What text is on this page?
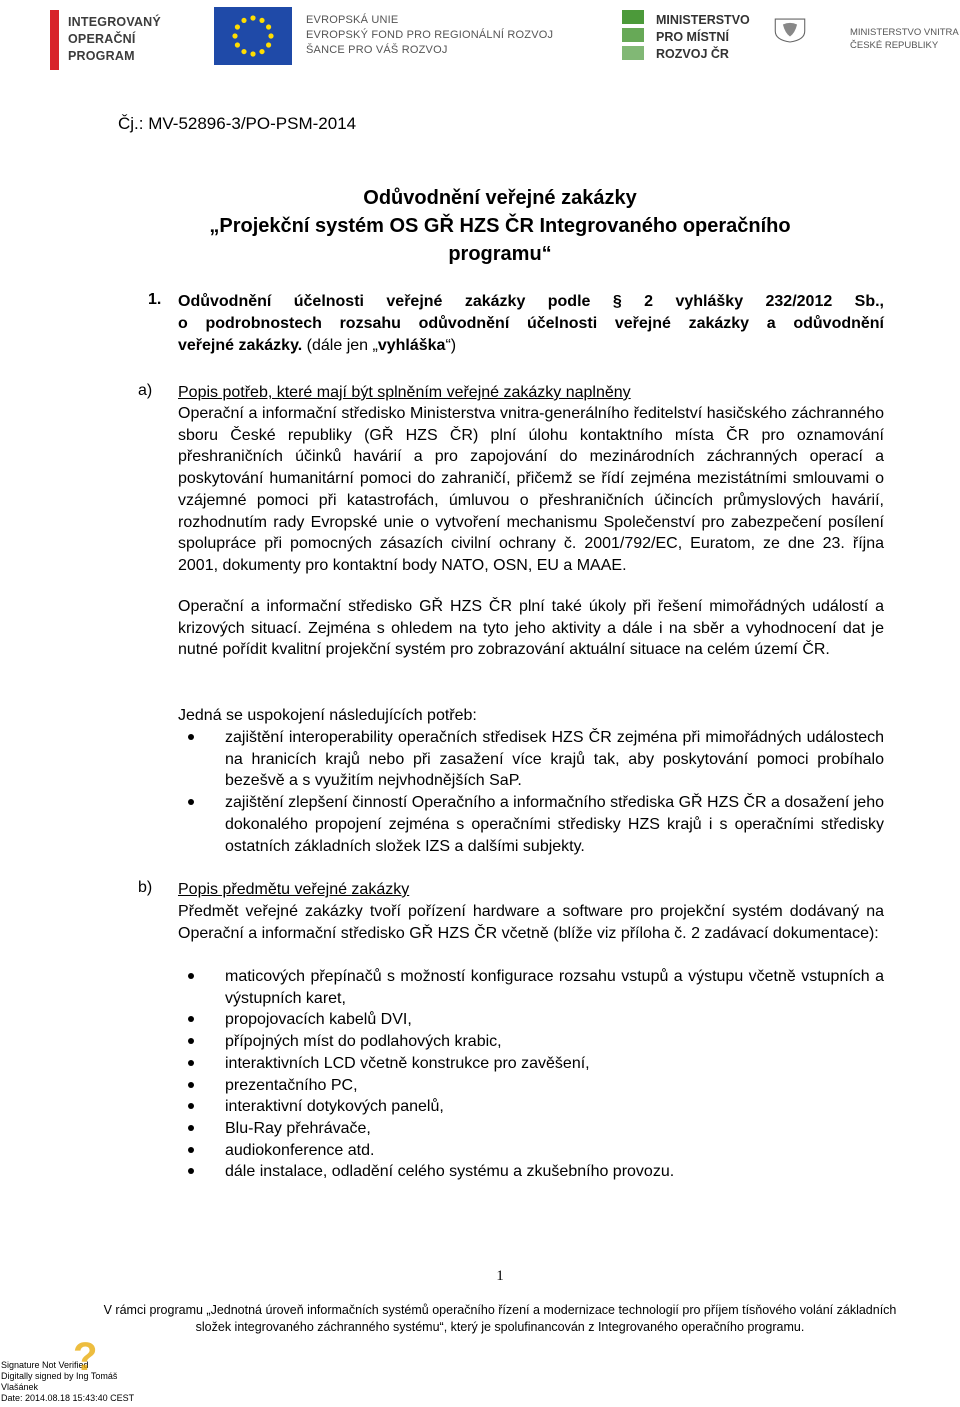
INTEGROVANÝ
OPERAČNÍ
PROGRAM
EVROPSKÁ UNIE
EVROPSKÝ FOND PRO REGIONÁLNÍ ROZVOJ
ŠANCE PRO VÁŠ ROZVOJ
MINISTERSTVO
PRO MÍSTNÍ
ROZVOJ ČR
MINISTERSTVO VNITRA
ČESKÉ REPUBLIKY
Čj.: MV-52896-3/PO-PSM-2014
Odůvodnění veřejné zakázky
„Projekční systém OS GŘ HZS ČR Integrovaného operačního
programu“
1. Odůvodnění účelnosti veřejné zakázky podle § 2 vyhlášky 232/2012 Sb.,
o podrobnostech rozsahu odůvodnění účelnosti veřejné zakázky a odůvodnění
veřejné zakázky. (dále jen „vyhláška“)
a) Popis potřeb, které mají být splněním veřejné zakázky naplněny
Operační a informační středisko Ministerstva vnitra-generálního ředitelství hasičského záchranného sboru České republiky (GŘ HZS ČR) plní úlohu kontaktního místa ČR pro oznamování přeshraničních účinků havárií a pro zapojování do mezinárodních záchranných operací a poskytování humanitární pomoci do zahraničí, přičemž se řídí zejména mezistátními smlouvami o vzájemné pomoci při katastrofách, úmluvou o přeshraničních účincích průmyslových havárií, rozhodnutím rady Evropské unie o vytvoření mechanismu Společenství pro zabezpečení posílení spolupráce při pomocných zásazích civilní ochrany č. 2001/792/EC, Euratom, ze dne 23. října 2001, dokumenty pro kontaktní body NATO, OSN, EU a MAAE.
Operační a informační středisko GŘ HZS ČR plní také úkoly při řešení mimořádných událostí a krizových situací. Zejména s ohledem na tyto jeho aktivity a dále i na sběr a vyhodnocení dat je nutné pořídit kvalitní projekční systém pro zobrazování aktuální situace na celém území ČR.
Jedná se uspokojení následujících potřeb:
zajištění interoperability operačních středisek HZS ČR zejména při mimořádných událostech na hranicích krajů nebo při zasažení více krajů tak, aby poskytování pomoci probíhalo bezešvě a s využitím nejvhodnějších SaP.
zajištění zlepšení činností Operačního a informačního střediska GŘ HZS ČR a dosažení jeho dokonalého propojení zejména s operačními středisky HZS krajů i s operačními středisky ostatních základních složek IZS a dalšími subjekty.
b) Popis předmětu veřejné zakázky
Předmět veřejné zakázky tvoří pořízení hardware a software pro projekční systém dodávaný na Operační a informační středisko GŘ HZS ČR včetně (blíže viz příloha č. 2 zadávací dokumentace):
maticových přepínačů s možností konfigurace rozsahu vstupů a výstupu včetně vstupních a výstupních karet,
propojovacích kabelů DVI,
přípojných míst do podlahových krabic,
interaktivních LCD včetně konstrukce pro zavěšení,
prezentačního PC,
interaktivní dotykových panelů,
Blu-Ray přehrávače,
audiokonference atd.
dále instalace, odladění celého systému a zkušebního provozu.
1
V rámci programu „Jednotná úroveň informačních systémů operačního řízení a modernizace technologií pro příjem tísňového volání základních složek integrovaného záchranného systému“, který je spolufinancován z Integrovaného operačního programu.
?
Signature Not Verified
Digitally signed by Ing Tomáš
Vlašánek
Date: 2014.08.18 15:43:40 CEST
